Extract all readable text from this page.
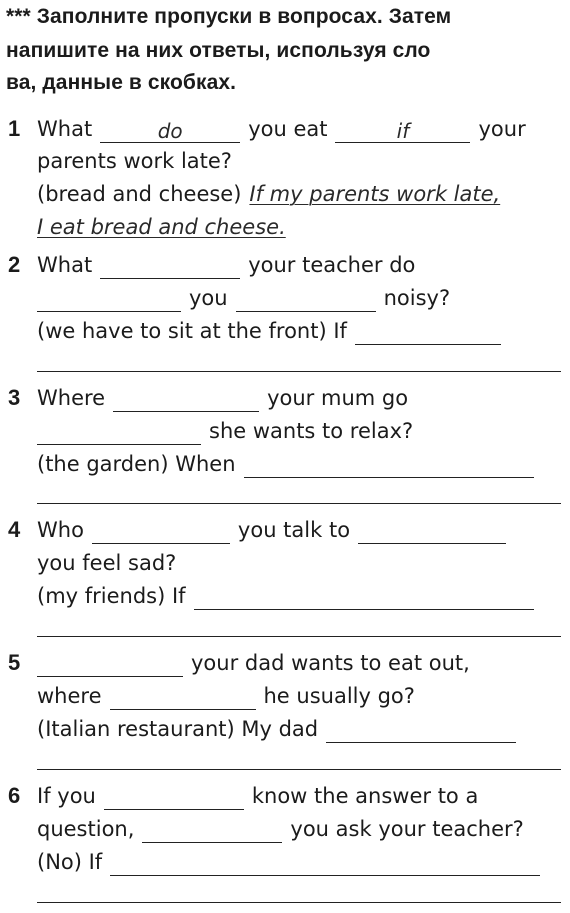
*** Заполните пропуски в вопросах. Затем
напишите на них ответы, используя сло
ва, данные в скобках.
1 What	do	you eat	if	your
parents work late?
(bread and cheese) If my parents work late,
I eat bread and cheese.
2 What	your teacher do
you	noisy?
(we have to sit at the front) If
3 Where	your mum go
she wants to relax?
(the garden) When
4 Who	you talk to
you feel sad?
(my friends) If
5	your dad wants to eat out,
where	he usually go?
(Italian restaurant) My dad
6 If you	know the answer to a
question,	you ask your teacher?
(No) If
